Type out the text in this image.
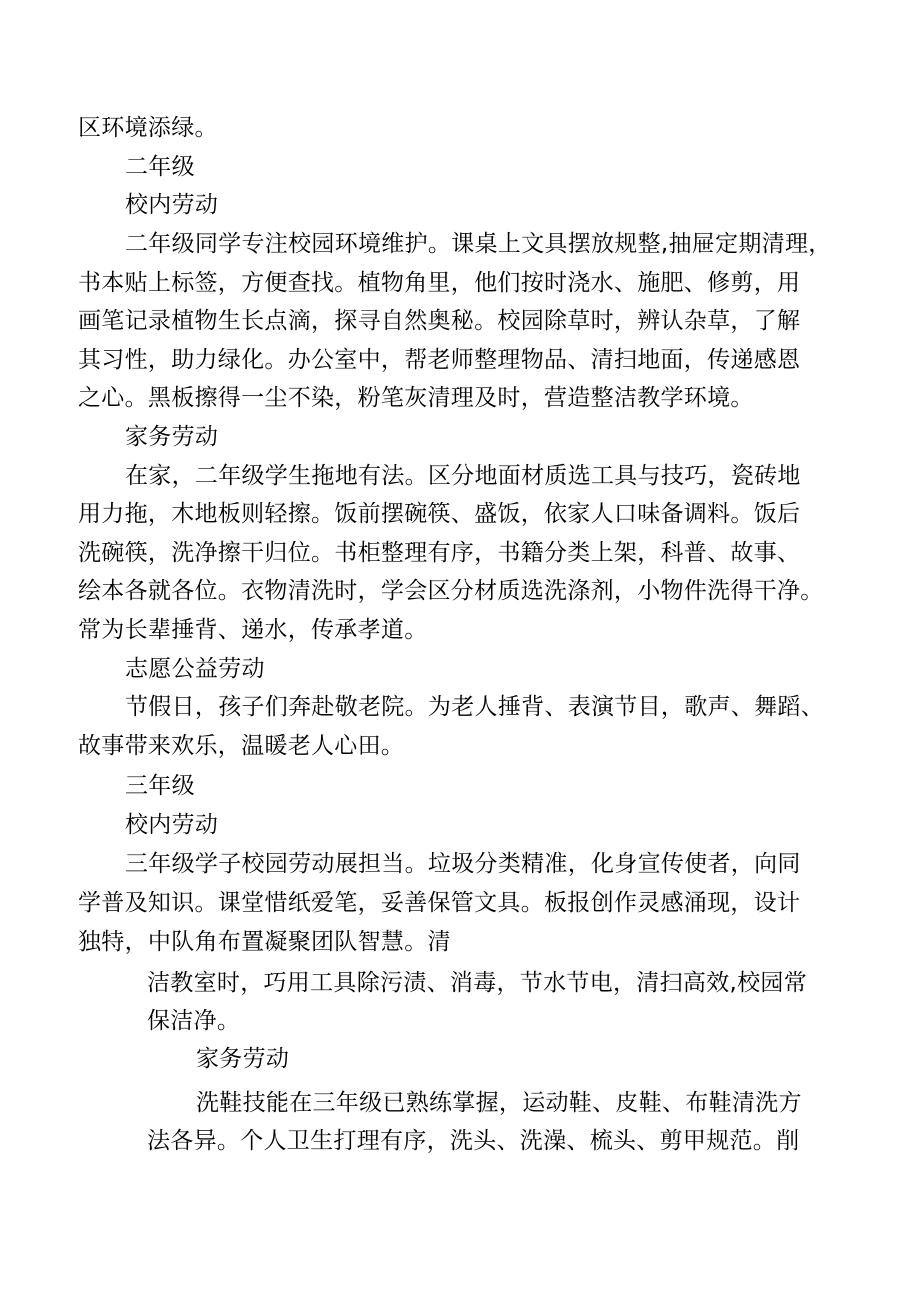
区环境添绿。
二年级
校内劳动
二年级同学专注校园环境维护。课桌上文具摆放规整,抽屉定期清理，
书本贴上标签，方便查找。植物角里，他们按时浇水、施肥、修剪，用
画笔记录植物生长点滴，探寻自然奥秘。校园除草时，辨认杂草，了解
其习性，助力绿化。办公室中，帮老师整理物品、清扫地面，传递感恩
之心。黑板擦得一尘不染，粉笔灰清理及时，营造整洁教学环境。
家务劳动
在家，二年级学生拖地有法。区分地面材质选工具与技巧，瓷砖地
用力拖，木地板则轻擦。饭前摆碗筷、盛饭，依家人口味备调料。饭后
洗碗筷，洗净擦干归位。书柜整理有序，书籍分类上架，科普、故事、
绘本各就各位。衣物清洗时，学会区分材质选洗涤剂，小物件洗得干净。
常为长辈捶背、递水，传承孝道。
志愿公益劳动
节假日，孩子们奔赴敬老院。为老人捶背、表演节目，歌声、舞蹈、
故事带来欢乐，温暖老人心田。
三年级
校内劳动
三年级学子校园劳动展担当。垃圾分类精准，化身宣传使者，向同
学普及知识。课堂惜纸爱笔，妥善保管文具。板报创作灵感涌现，设计
独特，中队角布置凝聚团队智慧。清
洁教室时，巧用工具除污渍、消毒，节水节电，清扫高效,校园常
保洁净。
家务劳动
洗鞋技能在三年级已熟练掌握，运动鞋、皮鞋、布鞋清洗方
法各异。个人卫生打理有序，洗头、洗澡、梳头、剪甲规范。削
